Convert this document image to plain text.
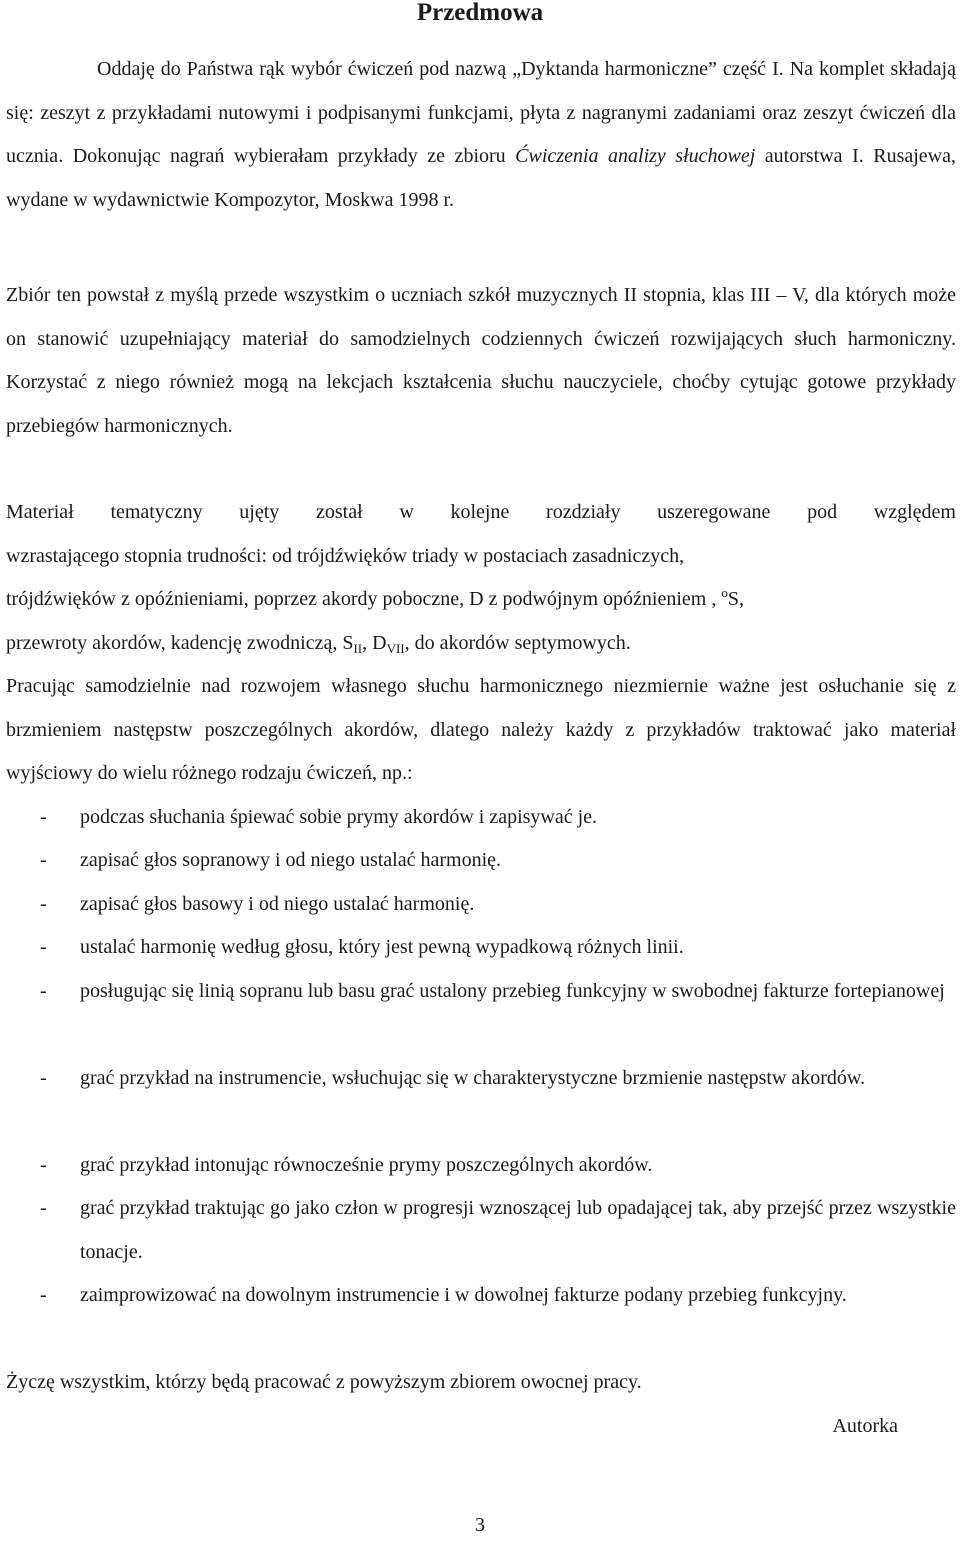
Przedmowa

Oddaję do Państwa rąk wybór ćwiczeń pod nazwą „Dyktanda harmoniczne” część I. Na komplet składają się: zeszyt z przykładami nutowymi i podpisanymi funkcjami, płyta z nagranymi zadaniami oraz zeszyt ćwiczeń dla ucznia. Dokonując nagrań wybierałam przykłady ze zbioru Ćwiczenia analizy słuchowej autorstwa I. Rusajewa, wydane w wydawnictwie Kompozytor, Moskwa 1998 r.

Zbiór ten powstał z myślą przede wszystkim o uczniach szkół muzycznych II stopnia, klas III – V, dla których może on stanowić uzupełniający materiał do samodzielnych codziennych ćwiczeń rozwijających słuch harmoniczny. Korzystać z niego również mogą na lekcjach kształcenia słuchu nauczyciele, choćby cytując gotowe przykłady przebiegów harmonicznych.

Materiał tematyczny ujęty został w kolejne rozdziały uszeregowane pod względem
wzrastającego stopnia trudności: od trójdźwięków triady w postaciach zasadniczych,
trójdźwięków z opóźnieniami, poprzez akordy poboczne, D z podwójnym opóźnieniem , $^o$S,
przewroty akordów, kadencję zwodniczą, $S_{II}$, $D_{VII}$, do akordów septymowych.

Pracując samodzielnie nad rozwojem własnego słuchu harmonicznego niezmiernie ważne jest osłuchanie się z brzmieniem następstw poszczególnych akordów, dlatego należy każdy z przykładów traktować jako materiał wyjściowy do wielu różnego rodzaju ćwiczeń, np.:

- podczas słuchania śpiewać sobie prymy akordów i zapisywać je.
- zapisać głos sopranowy i od niego ustalać harmonię.
- zapisać głos basowy i od niego ustalać harmonię.
- ustalać harmonię według głosu, który jest pewną wypadkową różnych linii.
- posługując się linią sopranu lub basu grać ustalony przebieg funkcyjny w swobodnej fakturze fortepianowej
- grać przykład na instrumencie, wsłuchując się w charakterystyczne brzmienie następstw akordów.
- grać przykład intonując równocześnie prymy poszczególnych akordów.
- grać przykład traktując go jako człon w progresji wznoszącej lub opadającej tak, aby przejść przez wszystkie tonacje.
- zaimprowizować na dowolnym instrumencie i w dowolnej fakturze podany przebieg funkcyjny.

Życzę wszystkim, którzy będą pracować z powyższym zbiorem owocnej pracy.

Autorka
3
